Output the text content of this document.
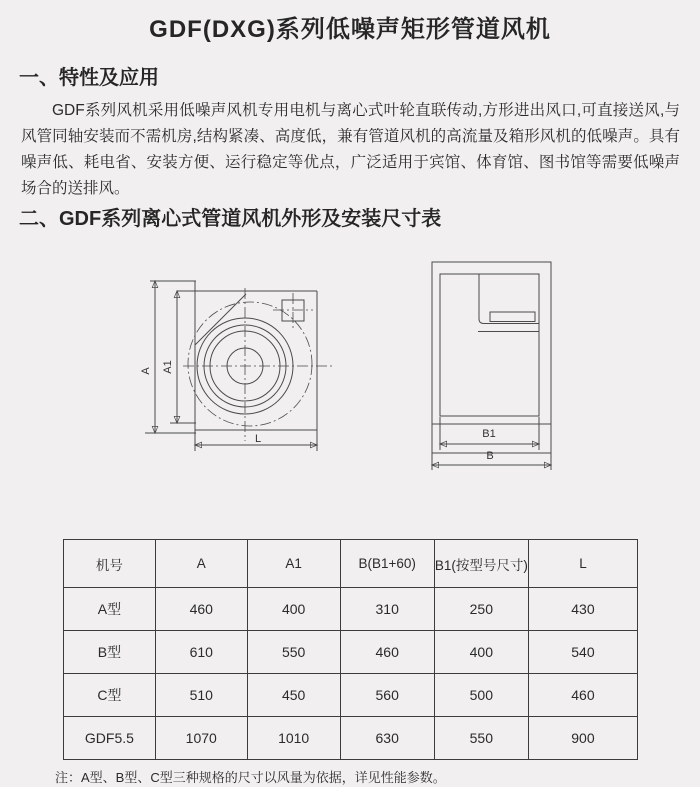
GDF(DXG)系列低噪声矩形管道风机
一、特性及应用

GDF系列风机采用低噪声风机专用电机与离心式叶轮直联传动,方形进出风口,可直接送风,与风管同轴安装而不需机房,结构紧凑、高度低，兼有管道风机的高流量及箱形风机的低噪声。具有噪声低、耗电省、安装方便、运行稳定等优点，广泛适用于宾馆、体育馆、图书馆等需要低噪声场合的送排风。

二、GDF系列离心式管道风机外形及安装尺寸表
A A1
L	B1
B
机号	A	A1	B(B1+60)	B1(按型号尺寸)	L
A型	460	400	310	250	430
B型	610	550	460	400	540
C型	510	450	560	500	460
GDF5.5	1070	1010	630	550	900
注：A型、B型、C型三种规格的尺寸以风量为依据，详见性能参数。
